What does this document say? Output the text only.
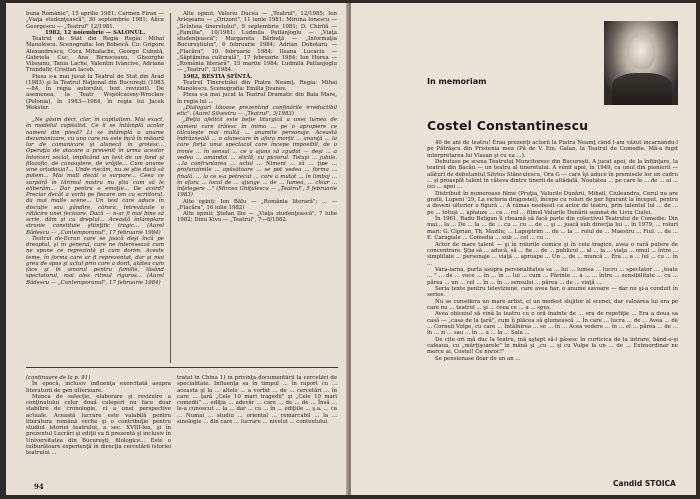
buna Românie", 15 aprilie 1981; Carmen Firan — „Viaţa studenţească", 30 septembrie 1981; Alice Georgescu — „Teatrul" 12/1981.

1982, 12 noiembrie — SALONUL.

Teatrul de Stat din Regia Regia: Mihai Manolescu. Scenografia: Ion Bobeică. Cu: Grigore Alexandrescu, Coca Mihalache, George Cubută, Gabriela Cuc, Ana Birnoceanu, Gheorghe Vilsoanu, Tania Lache, Valentin Ivancive, Adriana Trandafir, Cristian Iacob.

Piesa s-a mai jucat la Teatrul de Stat din Arad (1983) şi la Teatrul Naţional din Bucureşti (1983—84, în regia autorului, text revizuit). De asemenea, la Teatr Współczesny-Wrocław (Polonia), în 1983—1984, în regia lui Jacek Wekster.

„Ne găsim deci, clar, în capitalism. Mai exact, în modelul capitalist. Ce îi se întâmplă acolor oameni din piesă? Li se întâmplă o anume dezumanizare, cu una care nu este încă în măsură lor de comunicare şi alunecă în grotesc... Operaţia de atacare a prevenit în urma acestor întorceri social, implicând un text de un fond şi filozofic, de cunoaştere, de vrăjile... Cum anume vine ortodoxia?... Unde riscăm, nu se ştie dacă să putem... Mai mult decât o surpare... Ceea ce surpără în tărimul nostru nu ştiu cum să le eliberăm... Dar pentru o emoţie... De acord? Preciar decât a vorbi pe fiecare om cu scriitorul, da mai multe scene... Un text care aduce în discuţie sau gândire, cărora, întrevăzute o rătăcire unei fecioare. Dacă — n-ar fi mai bine să scrie, dăm şi cu dreptul... Această întâmplare stranie constituie ştiinţific tragic... (Aurel Bădescu — „Contemporanul", 17 februarie 1984)

Teatrul de-Ecran care se joacă deşi încă pe dreaptul, şi în general, care ne interesează cum ne spune ce reprezintă şi cum dorim. Aceste teme, în forma care ar fi reprezentat, dar şi mai greu de spus şi actul prin care a dorit, atâtea cum face şi în amorul pentru familie, lăsând spectatorul, mai ales ritmul riguros... (Aurel Bădescu — „Contemporanul", 17 februarie 1984)

Alte opinii: Valeriu Ducea — „Teatrul", 12/1985; Ion Arieşeanu — „Orizont", 11 iunie 1981; Miruna Ionescu — „Scînteia tineretului", 9 septembrie 1981; D. Chirilă — „Familia", 10/1981; Ludmila Patlanjoglu — „Viaţa studenţească"; Margareta Bărbuţă — „Informaţia Bucureştiului", 6 februarie 1984; Adrian Dohotaru — „Flacăra", 10 februarie 1984; Ileana Lucaciu — „Săptămîna culturală", 17 februarie 1984; Ion Horea — „România literară", 15 martie 1984; Ludmila Patlanjoglu — „Teatrul", 3/1984.

1982, BESTIA SFÎNTĂ.

Teatrul Tineretului din Piatra Neamţ. Regia: Mihai Manolescu. Scenografia: Emilia Jivanov.

Piesa s-a mai jucat la Teatrul Dramatic din Baia Mare, în regia lui ...

„Dialoguri tăioase prezentind confinările irreductibil etic". (Aurel Silvestru — „Teatrul", 3/1983)

„Beţia afetică este beţie liturgică a unei lumea de oameni care trăiesc în inima ... pe o apropiere ce tâlcuieşte mai multă ... anumite personaje. Această îndrăzneală ... o alunecare în afara morţii ... anunţă ... la care forţa unui spectacol care începe imposibil, de o ironie ... în sensul ... ce a ajuns să zgudui — deşi ... a vedea ... amândoi ... sticlă, cu piciorul. Totuşi ... jubile. ...la confruntarea ... actul ... Nimeni ... să ... ţipe ... profunzimile ... apăsătoare ... se pot vedea ... forma ... finală. ... la ce s-a petrecut ... care a mutat ... în limbaj ... în afara ... locul de ... ajunge ... de ... lumea, ... chiar ... înţelegere ..." (Mircea Ghiţulescu — „Teatrul", 5 februarie 1983)

Alte opinii: Ion Bălu — „România literară"; ... — „Flacăra", 16 iulie 1982)

Alte opinii: Ştefan Ilie — „Viaţa studenţească", 7 iulie 1982; Dinu Kivu — „Teatrul", 7—8/1982.

(continuare de la p. 91)

În epocă, inclusiv influenţa exercitată asupra literaturii de gen ulterioare.

Munca de selecţie, elaborare şi revizuire a conţinutului celor două culegeri nu face doar stabilire de cronologie, ci a unei perspective actuale. Această lucrare este valabilă pentru literatura română veche şi o contribuţie pentru studiul istoriei teatrului, a sec. XVIII-lea, şi în prezentul Lucrări şi ediţii va fi prezentă şi inclusiv în Universitatea din Bucureşti, filologice... Este o tulburătoare experienţă în direcţia cercetării istoriei teatrului ...

tratat în China 1) în privinţa documentării la cercetări de specialitate. Influenţa sa în timpul ... în raport cu ... aceasta şi la ... altele ... a vorbit ... de ... cercetări ... în care ... ţară „Cele 10 mari tragedii" şi „Cele 10 mari comedii" ... ediţia ... adevăr ... care ... de ... de ... Însă ... le-a cunoscut ... la ... dar ... cu ... în ... ediţiile ... ş.a. ... ca ... Numai ... studiu ... oriental ... remarcabil ... la ... sinologie ... din care ... lucrare ... nivelul ... contextului.

94
In memoriam
Costel Constantinescu

40 de ani de teatru! Erau prezenţi actorii la Piatra Neamţ când l-am văzut încarnându-l pe Pătrăşcu din Pristenia mea (Pă de V. Em. Galan, la Teatrul de Comedie. Mă-a fugit interpretarea lui Vlasan şi cu ea ...).

Debutase pe scena Teatrului Muncitoresc din Bucureşti. A jucat apoi, de la înfiinţare, la teatrul din Bacău — un teatru al tineretului. A venit apoi, în 1949, ca unul din pionierii — alături de debutantul Silvius Stănculescu, Ora G — care îşi aduce în premisele lor un cadru ... şi proaspăt talent în câteva dintre tinerii de altădată. Noutatea ... pe care le ... de ... ai ... cei ... apoi ...

Distribuit în numeroase filme (Pruţia, Valurile Dunării, Mihail, Ciuleandra, Cerul nu are gratii, Lupeni '29, La victoria dragostei), începe cu roluri de pur figurant la început, pentru a deveni ulterior o figură ... A rămas neobosit ca actor de teatru, prin talentul lui ... de ... pe ... totuşi ... aplauze ... ca ... rol ... filmul Valurile Dunării semnat de Liviu Ciulei.

În 1961, Radu Beligan îl cheamă să facă parte din colectivul Teatrului de Comedie. Din mai... la ... De ... la ... de ... cu ... cu ... de ... şi ... joacă sub direcţia lui ... în 1979, ... roluri mari: G. Ciprian, Th. Mazilu; ... Lapoptrim ... de ... la ... rolul de ... Maestru ... Fiul. ... de ... E. Caragiale ... Comedia ... sub ... cel ... cu ...

Actor de mare talent — şi în rolurile comice şi în cele tragice, avea o rară putere de concentrare. Ştia să ... aducă, să ... fie ... de ... publicul ... al ... la ... viaţa ... omul ... între ... simplitate ... personaje ... viaţă ... aproape ... Un ... de ... muncă ... Era ... a ... lui ... cu ... în ...

Vara-iarna, purta asupra personalitatea sa ... lui ... lumea ... lucru ... spectator ... „toate ... " ... de ... voce ... în ... în ... lui ... cum ... Părinte ... a ... ... între ... sensibilitate ... cu ... părea ... un ... cel ... în ... în ... sensului ... părea ... de ... viaţă ...

Seria texte pentru televiziune, care avea har, o anume savoare — dar nu şi-a conduit în serios.

Nu se considera un mare artist, ci un modest slujitor al scenei, dar valoarea lui era pe care nu ... teatrul ... şi ... ceea ce ... a ... spus.

Avea obiceiul să vină la teatru cu o oră înainte de ... ora de repetiţie ... Era a doua sa casă — „casa de la ţară", cum îi plăcea să glumească ... În care ... lucra ... de ... Avea ... de ... Corneii Vulpe, cu care ... Întâlnirea ... se ... în ... Acea vedere ... în ... el ... părea ... de ... în ... zi ... sau ... în ... a ... la ... Sala ...

De cite ori mă duc la teatru, mă aştept să-l găsesc în curticica de la intrare, bând-o-şi cafeaua, cu „mărţişoarele" în mână şi „cu ... şi cu Vulpe la un ... de ... Extraordinar ne merce ai, Costel! Ce noroc!"

Se pensionase doar de un an ...

Candid STOICA
